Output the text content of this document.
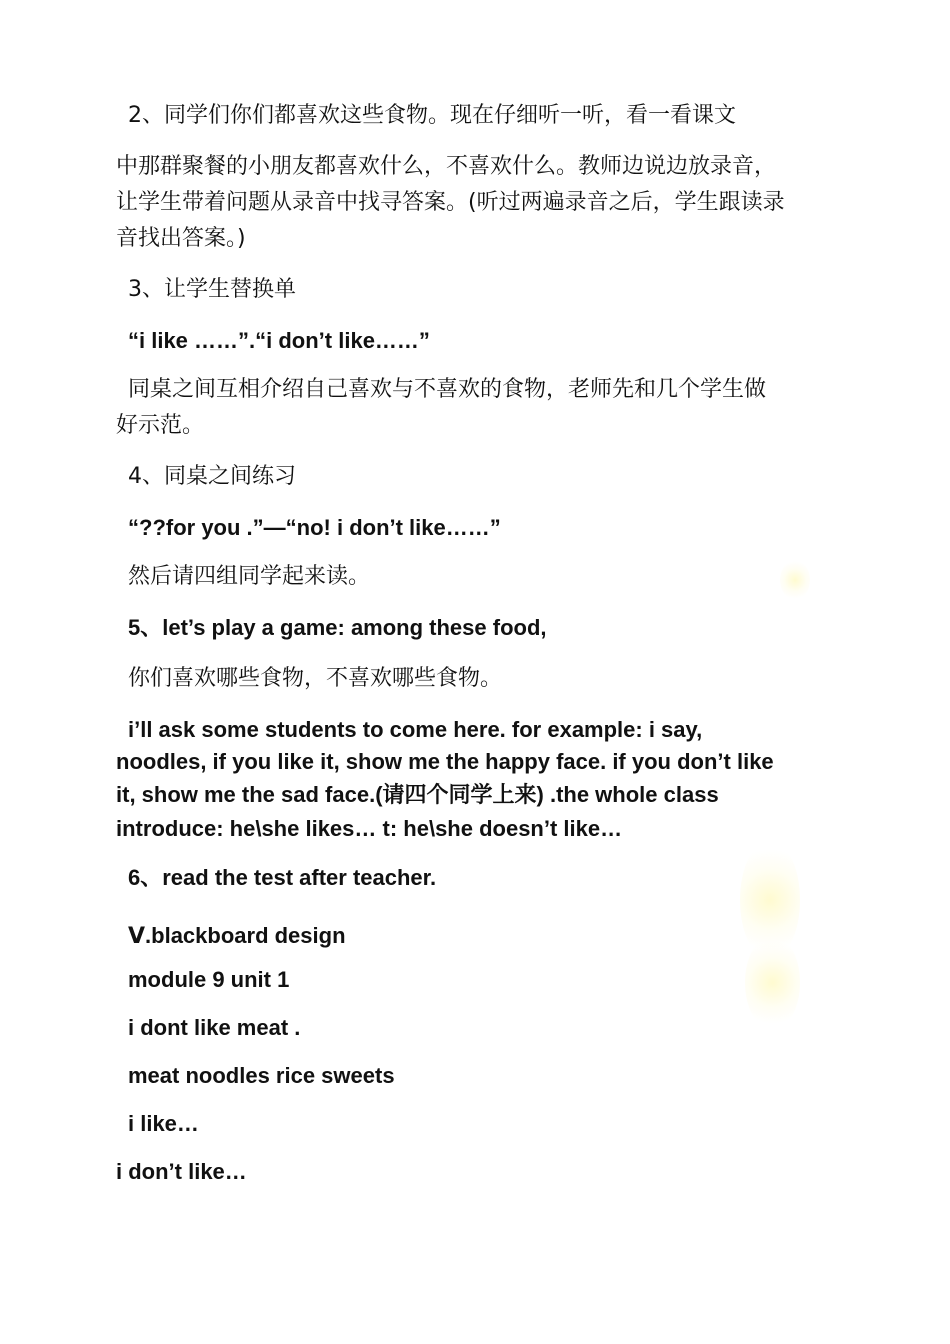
2、同学们你们都喜欢这些食物。现在仔细听一听，看一看课文
中那群聚餐的小朋友都喜欢什么，不喜欢什么。教师边说边放录音，
让学生带着问题从录音中找寻答案。(听过两遍录音之后，学生跟读录
音找出答案。)
3、让学生替换单
“i like ……”.“i don’t like……”
同桌之间互相介绍自己喜欢与不喜欢的食物，老师先和几个学生做
好示范。
4、同桌之间练习
“??for you .”—“no! i don’t like……”
然后请四组同学起来读。
5、let’s play a game: among these food,
你们喜欢哪些食物，不喜欢哪些食物。
i’ll ask some students to come here. for example: i say,
noodles, if you like it, show me the happy face. if you don’t like
it, show me the sad face.(请四个同学上来) .the whole class
introduce: he\she likes… t: he\she doesn’t like…
6、read the test after teacher.
Ⅴ.blackboard design
module 9 unit 1
i dont like meat .
meat noodles rice sweets
i like…
i don’t like…
